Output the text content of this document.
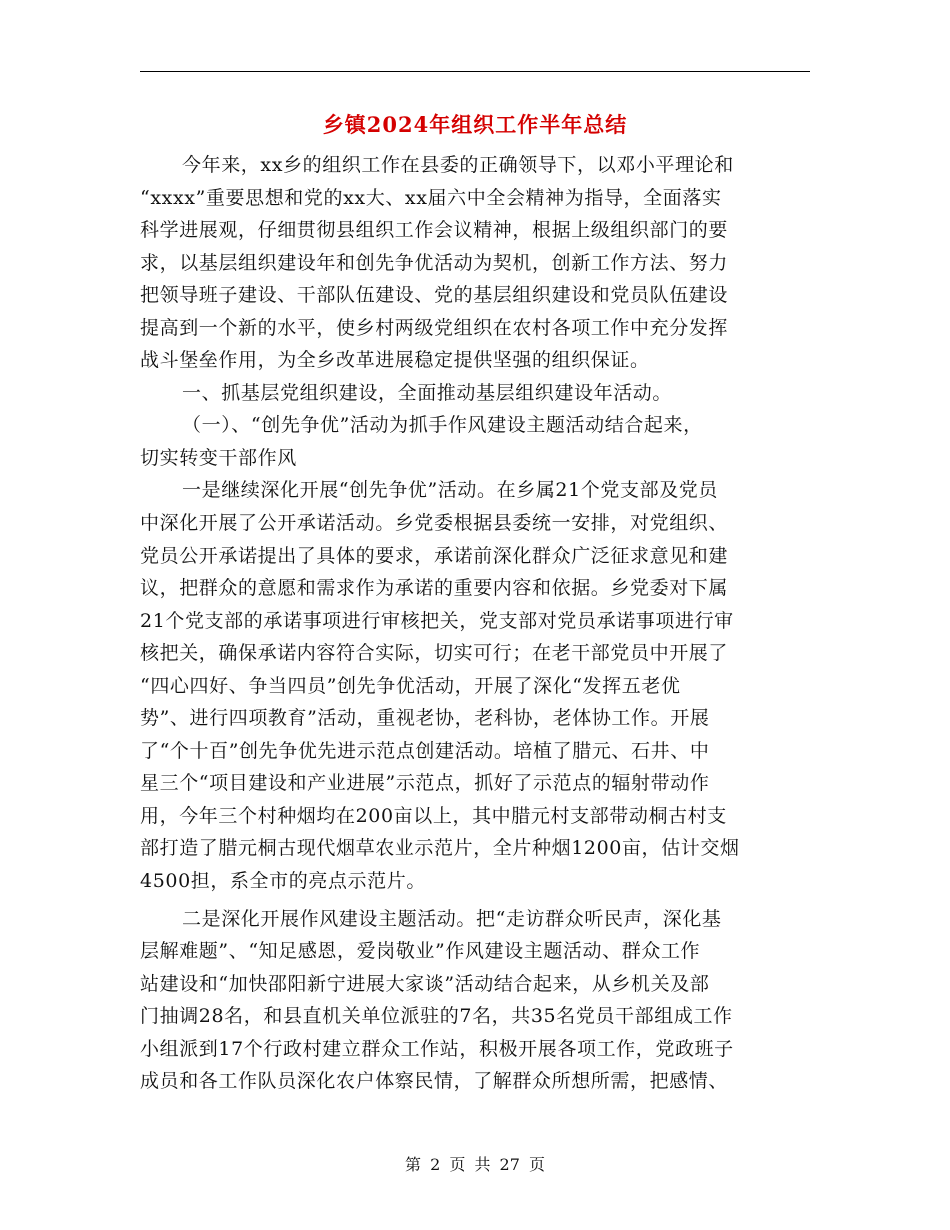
乡镇2024年组织工作半年总结
今年来，xx乡的组织工作在县委的正确领导下，以邓小平理论和
“xxxx”重要思想和党的xx大、xx届六中全会精神为指导，全面落实
科学进展观，仔细贯彻县组织工作会议精神，根据上级组织部门的要
求，以基层组织建设年和创先争优活动为契机，创新工作方法、努力
把领导班子建设、干部队伍建设、党的基层组织建设和党员队伍建设
提高到一个新的水平，使乡村两级党组织在农村各项工作中充分发挥
战斗堡垒作用，为全乡改革进展稳定提供坚强的组织保证。
一、抓基层党组织建设，全面推动基层组织建设年活动。
（一）、“创先争优”活动为抓手作风建设主题活动结合起来，
切实转变干部作风
一是继续深化开展“创先争优”活动。在乡属21个党支部及党员
中深化开展了公开承诺活动。乡党委根据县委统一安排，对党组织、
党员公开承诺提出了具体的要求，承诺前深化群众广泛征求意见和建
议，把群众的意愿和需求作为承诺的重要内容和依据。乡党委对下属
21个党支部的承诺事项进行审核把关，党支部对党员承诺事项进行审
核把关，确保承诺内容符合实际，切实可行；在老干部党员中开展了
“四心四好、争当四员”创先争优活动，开展了深化“发挥五老优
势”、进行四项教育”活动，重视老协，老科协，老体协工作。开展
了“个十百”创先争优先进示范点创建活动。培植了腊元、石井、中
星三个“项目建设和产业进展”示范点，抓好了示范点的辐射带动作
用，今年三个村种烟均在200亩以上，其中腊元村支部带动桐古村支
部打造了腊元桐古现代烟草农业示范片，全片种烟1200亩，估计交烟
4500担，系全市的亮点示范片。
二是深化开展作风建设主题活动。把“走访群众听民声，深化基
层解难题”、“知足感恩，爱岗敬业”作风建设主题活动、群众工作
站建设和“加快邵阳新宁进展大家谈”活动结合起来，从乡机关及部
门抽调28名，和县直机关单位派驻的7名，共35名党员干部组成工作
小组派到17个行政村建立群众工作站，积极开展各项工作，党政班子
成员和各工作队员深化农户体察民情，了解群众所想所需，把感情、
第 2 页 共 27 页
